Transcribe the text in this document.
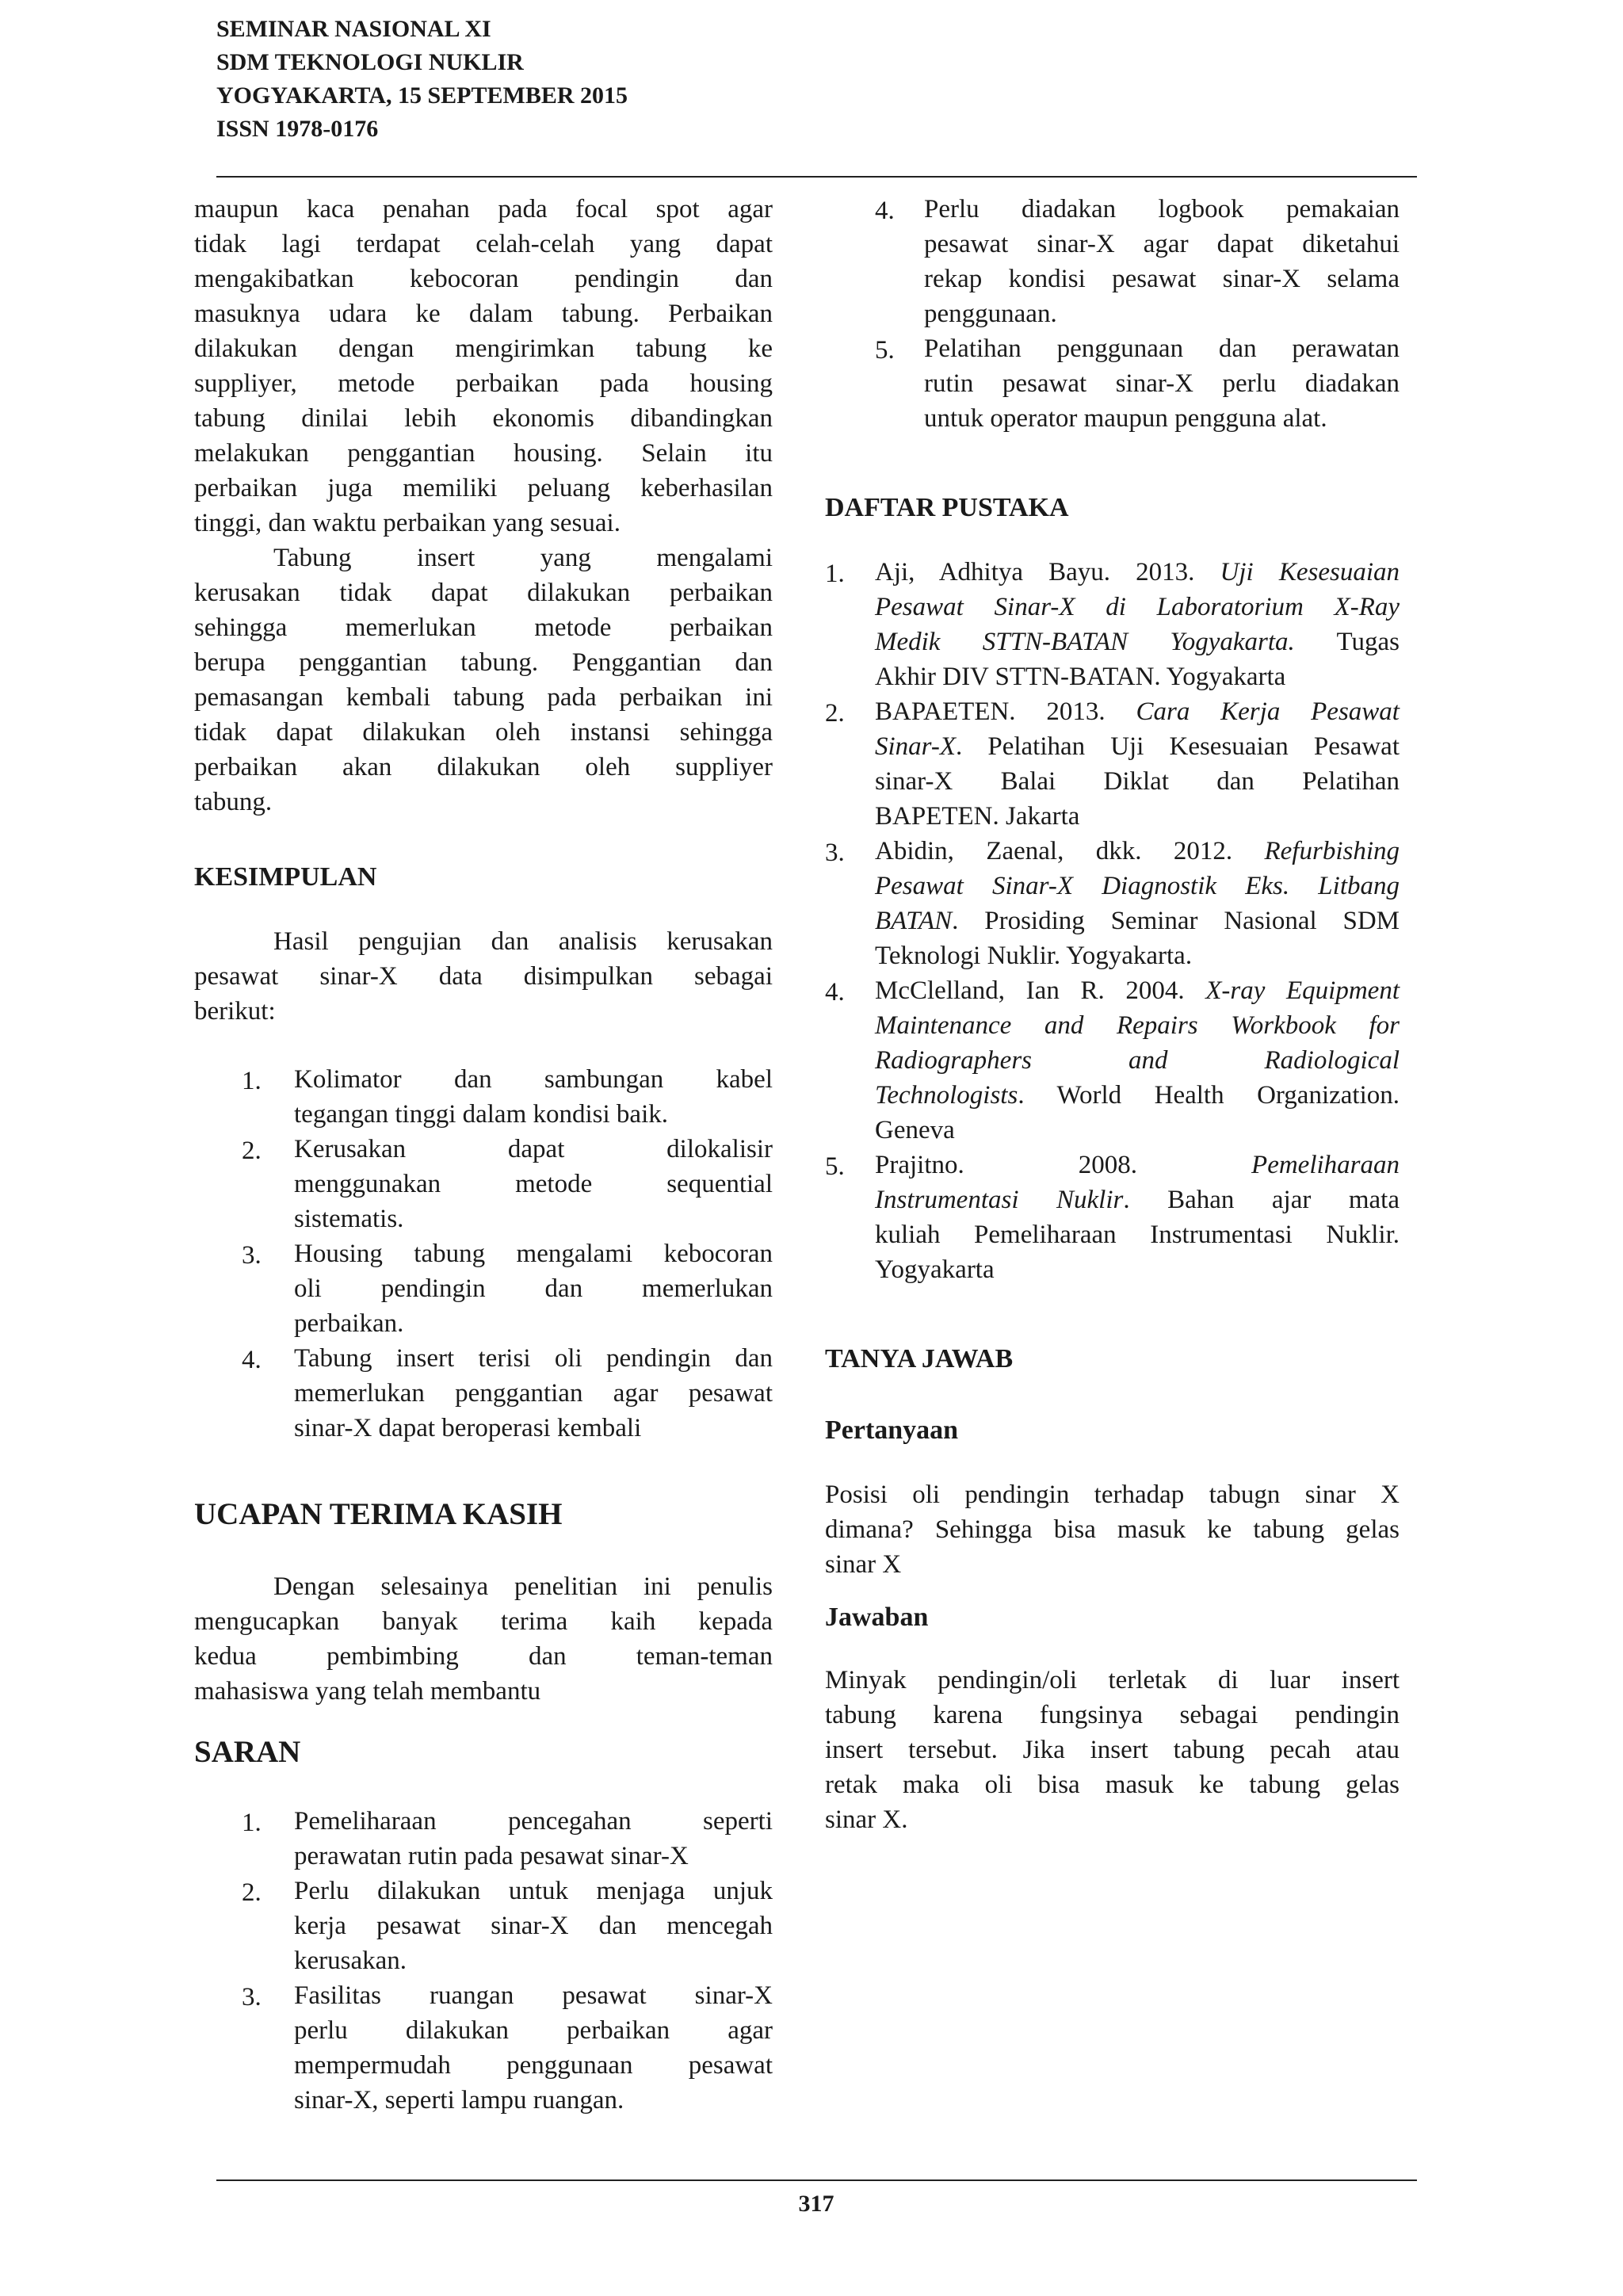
SEMINAR NASIONAL XI
SDM TEKNOLOGI NUKLIR
YOGYAKARTA, 15 SEPTEMBER 2015
ISSN 1978-0176
maupun kaca penahan pada focal spot agar
tidak lagi terdapat celah-celah yang dapat
mengakibatkan kebocoran pendingin dan
masuknya udara ke dalam tabung. Perbaikan
dilakukan dengan mengirimkan tabung ke
suppliyer, metode perbaikan pada housing
tabung dinilai lebih ekonomis dibandingkan
melakukan penggantian housing. Selain itu
perbaikan juga memiliki peluang keberhasilan
tinggi, dan waktu perbaikan yang sesuai.
Tabung insert yang mengalami
kerusakan tidak dapat dilakukan perbaikan
sehingga memerlukan metode perbaikan
berupa penggantian tabung. Penggantian dan
pemasangan kembali tabung pada perbaikan ini
tidak dapat dilakukan oleh instansi sehingga
perbaikan akan dilakukan oleh suppliyer
tabung.
KESIMPULAN
Hasil pengujian dan analisis kerusakan
pesawat sinar-X data disimpulkan sebagai
berikut:
1. Kolimator dan sambungan kabel
tegangan tinggi dalam kondisi baik.
2. Kerusakan dapat dilokalisir
menggunakan metode sequential
sistematis.
3. Housing tabung mengalami kebocoran
oli pendingin dan memerlukan
perbaikan.
4. Tabung insert terisi oli pendingin dan
memerlukan penggantian agar pesawat
sinar-X dapat beroperasi kembali
UCAPAN TERIMA KASIH
Dengan selesainya penelitian ini penulis
mengucapkan banyak terima kaih kepada
kedua pembimbing dan teman-teman
mahasiswa yang telah membantu
SARAN
1. Pemeliharaan pencegahan seperti
perawatan rutin pada pesawat sinar-X
2. Perlu dilakukan untuk menjaga unjuk
kerja pesawat sinar-X dan mencegah
kerusakan.
3. Fasilitas ruangan pesawat sinar-X
perlu dilakukan perbaikan agar
mempermudah penggunaan pesawat
sinar-X, seperti lampu ruangan.
4. Perlu diadakan logbook pemakaian
pesawat sinar-X agar dapat diketahui
rekap kondisi pesawat sinar-X selama
penggunaan.
5. Pelatihan penggunaan dan perawatan
rutin pesawat sinar-X perlu diadakan
untuk operator maupun pengguna alat.
DAFTAR PUSTAKA
1. Aji, Adhitya Bayu. 2013. Uji Kesesuaian
Pesawat Sinar-X di Laboratorium X-Ray
Medik STTN-BATAN Yogyakarta. Tugas
Akhir DIV STTN-BATAN. Yogyakarta
2. BAPAETEN. 2013. Cara Kerja Pesawat
Sinar-X. Pelatihan Uji Kesesuaian Pesawat
sinar-X Balai Diklat dan Pelatihan
BAPETEN. Jakarta
3. Abidin, Zaenal, dkk. 2012. Refurbishing
Pesawat Sinar-X Diagnostik Eks. Litbang
BATAN. Prosiding Seminar Nasional SDM
Teknologi Nuklir. Yogyakarta.
4. McClelland, Ian R. 2004. X-ray Equipment
Maintenance and Repairs Workbook for
Radiographers and Radiological
Technologists. World Health Organization.
Geneva
5. Prajitno. 2008. Pemeliharaan
Instrumentasi Nuklir. Bahan ajar mata
kuliah Pemeliharaan Instrumentasi Nuklir.
Yogyakarta
TANYA JAWAB
Pertanyaan
Posisi oli pendingin terhadap tabugn sinar X
dimana? Sehingga bisa masuk ke tabung gelas
sinar X
Jawaban
Minyak pendingin/oli terletak di luar insert
tabung karena fungsinya sebagai pendingin
insert tersebut. Jika insert tabung pecah atau
retak maka oli bisa masuk ke tabung gelas
sinar X.
317
